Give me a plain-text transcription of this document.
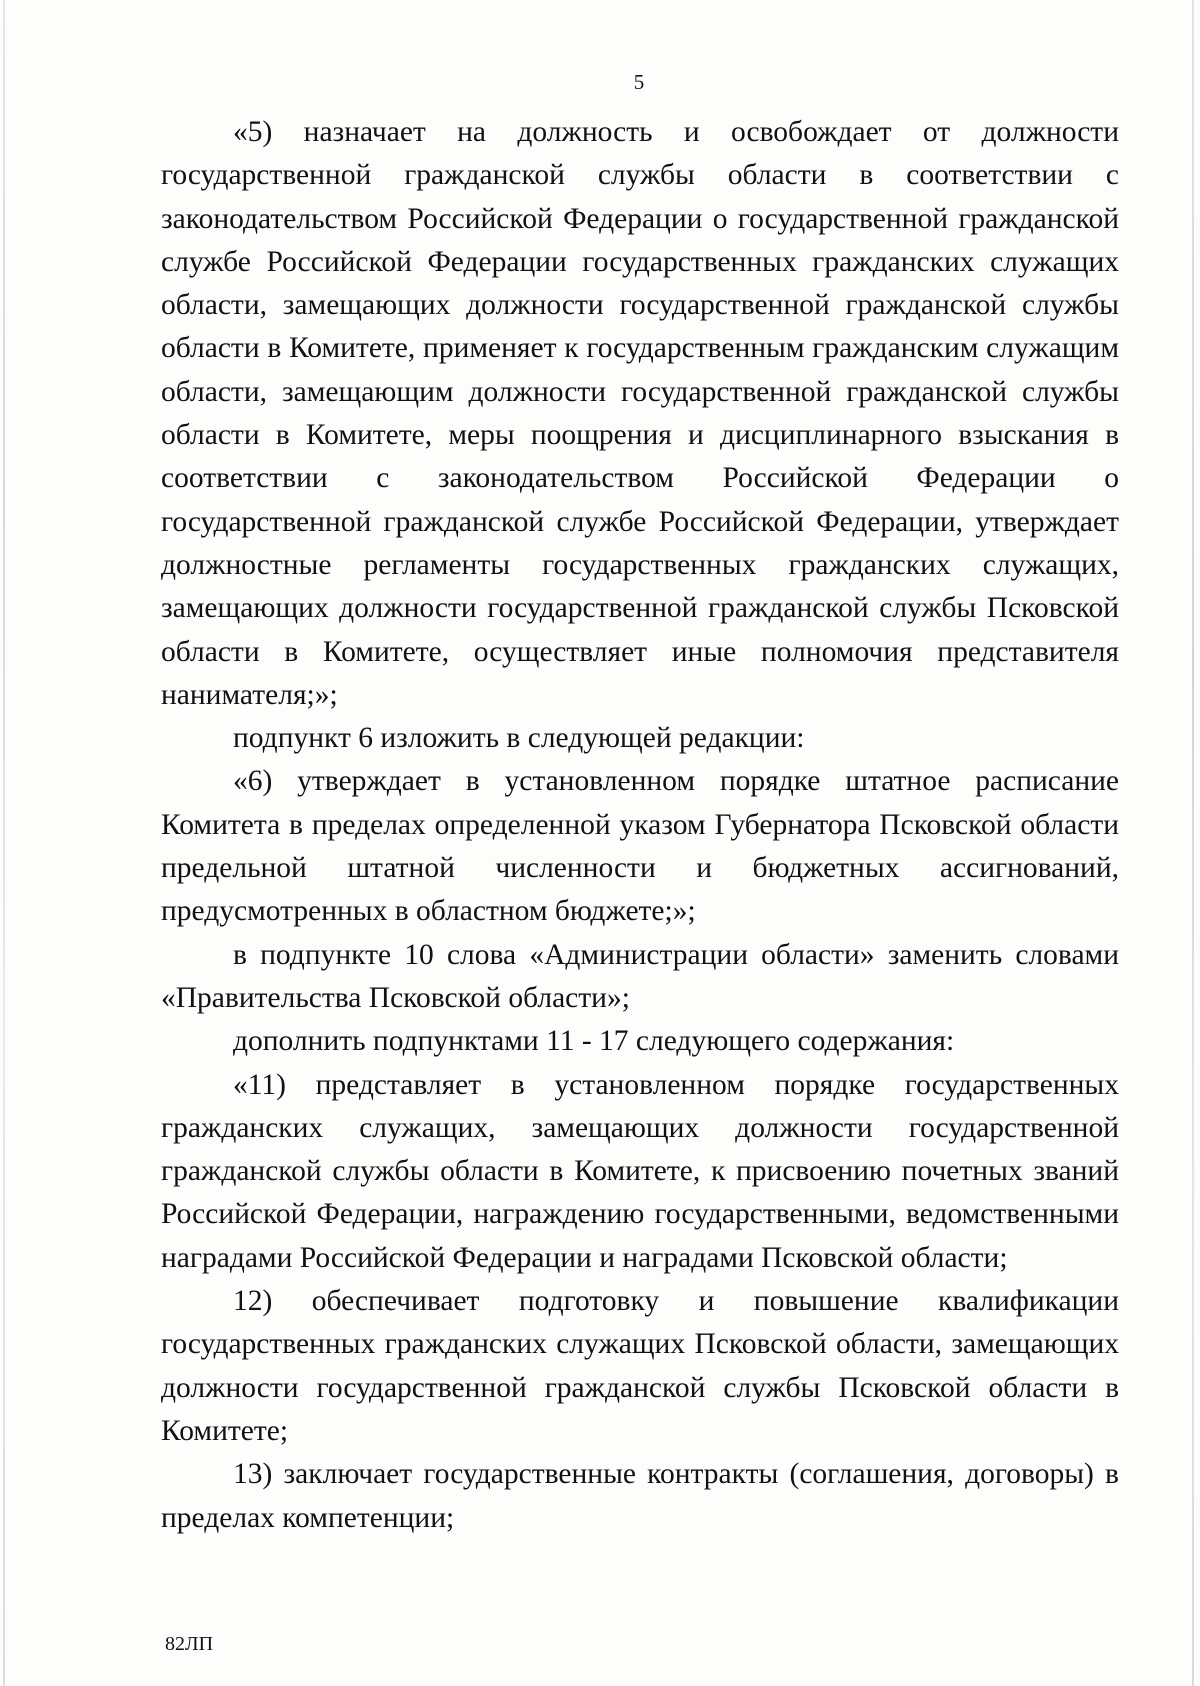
5

«5) назначает на должность и освобождает от должности государственной гражданской службы области в соответствии с законодательством Российской Федерации о государственной гражданской службе Российской Федерации государственных гражданских служащих области, замещающих должности государственной гражданской службы области в Комитете, применяет к государственным гражданским служащим области, замещающим должности государственной гражданской службы области в Комитете, меры поощрения и дисциплинарного взыскания в соответствии с законодательством Российской Федерации о государственной гражданской службе Российской Федерации, утверждает должностные регламенты государственных гражданских служащих, замещающих должности государственной гражданской службы Псковской области в Комитете, осуществляет иные полномочия представителя нанимателя;»;

подпункт 6 изложить в следующей редакции:

«6) утверждает в установленном порядке штатное расписание Комитета в пределах определенной указом Губернатора Псковской области предельной штатной численности и бюджетных ассигнований, предусмотренных в областном бюджете;»;

в подпункте 10 слова «Администрации области» заменить словами «Правительства Псковской области»;

дополнить подпунктами 11 - 17 следующего содержания:

«11) представляет в установленном порядке государственных гражданских служащих, замещающих должности государственной гражданской службы области в Комитете, к присвоению почетных званий Российской Федерации, награждению государственными, ведомственными наградами Российской Федерации и наградами Псковской области;

12) обеспечивает подготовку и повышение квалификации государственных гражданских служащих Псковской области, замещающих должности государственной гражданской службы Псковской области в Комитете;

13) заключает государственные контракты (соглашения, договоры) в пределах компетенции;

82ЛП
